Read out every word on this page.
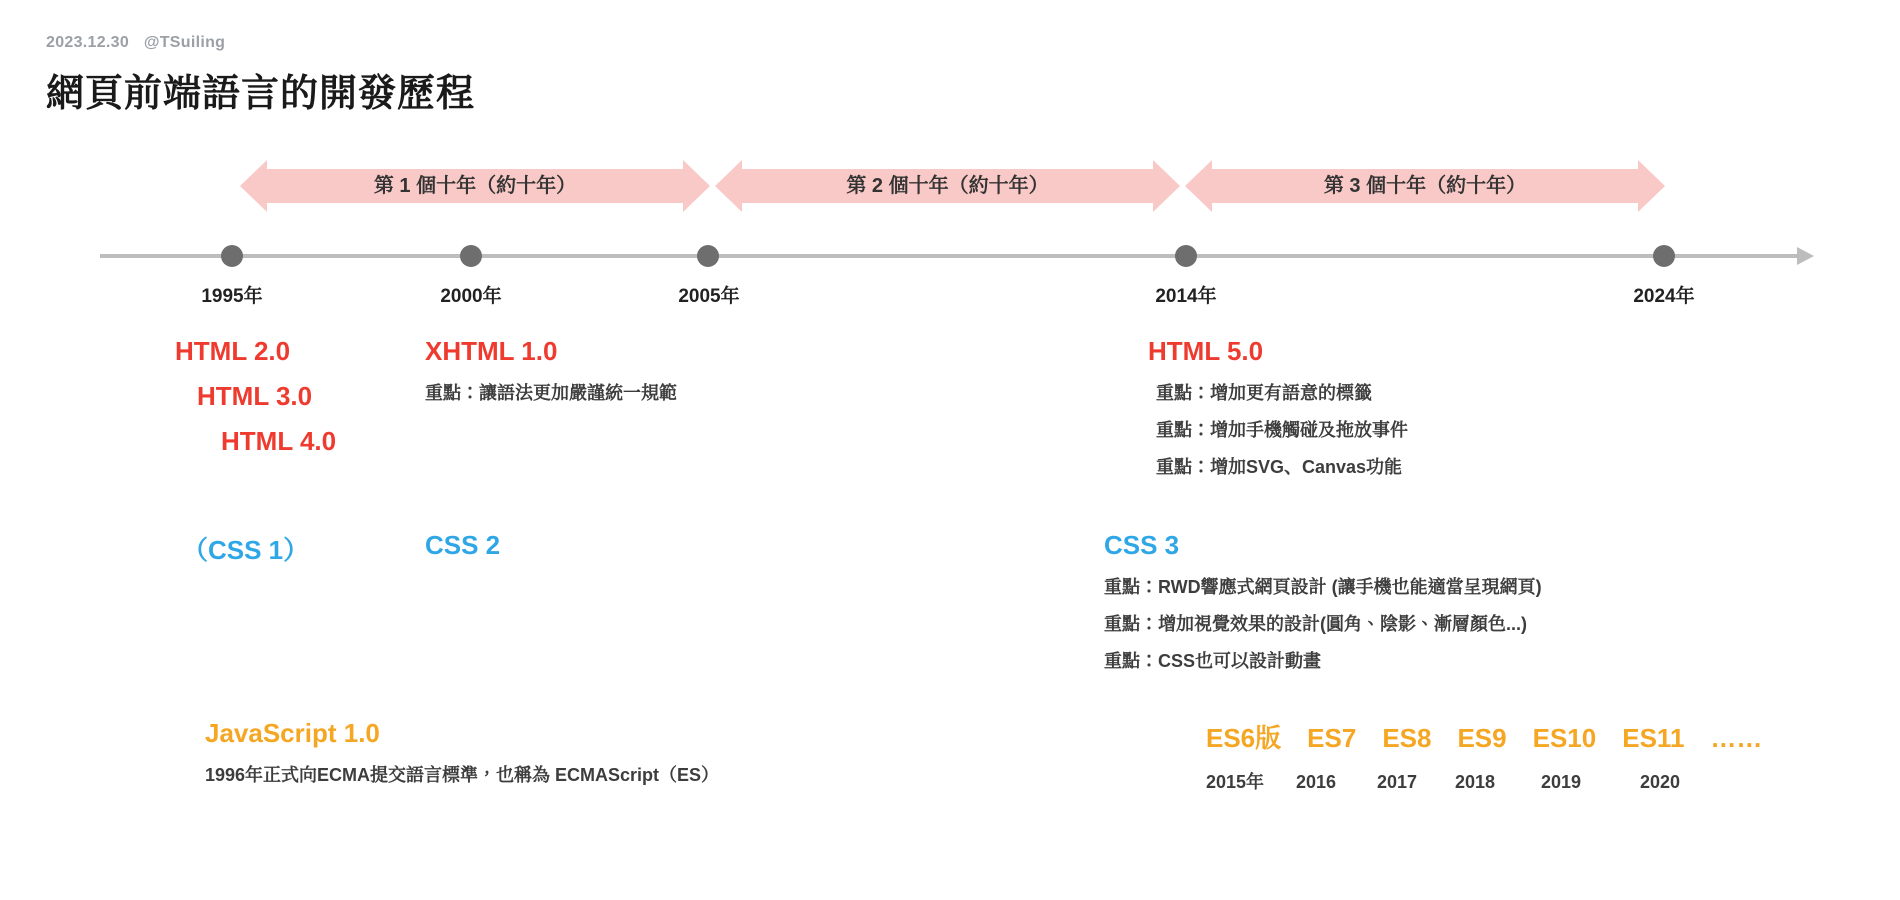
2023.12.30 @TSuiling
網頁前端語言的開發歷程
第 1 個十年（約十年）	第 2 個十年（約十年）	第 3 個十年（約十年）
1995年	2000年	2005年	2014年	2024年
HTML 2.0
HTML 3.0
HTML 4.0
XHTML 1.0
重點：讓語法更加嚴謹統一規範
HTML 5.0
重點：增加更有語意的標籤
重點：增加手機觸碰及拖放事件
重點：增加SVG、Canvas功能
（CSS 1）	CSS 2	CSS 3
重點：RWD響應式網頁設計 (讓手機也能適當呈現網頁)
重點：增加視覺效果的設計(圓角、陰影、漸層顏色...)
重點：CSS也可以設計動畫
JavaScript 1.0
1996年正式向ECMA提交語言標準，也稱為 ECMAScript（ES）
ES6版 ES7 ES8 ES9 ES10 ES11 ……
2015年	2016	2017	2018	2019	2020
